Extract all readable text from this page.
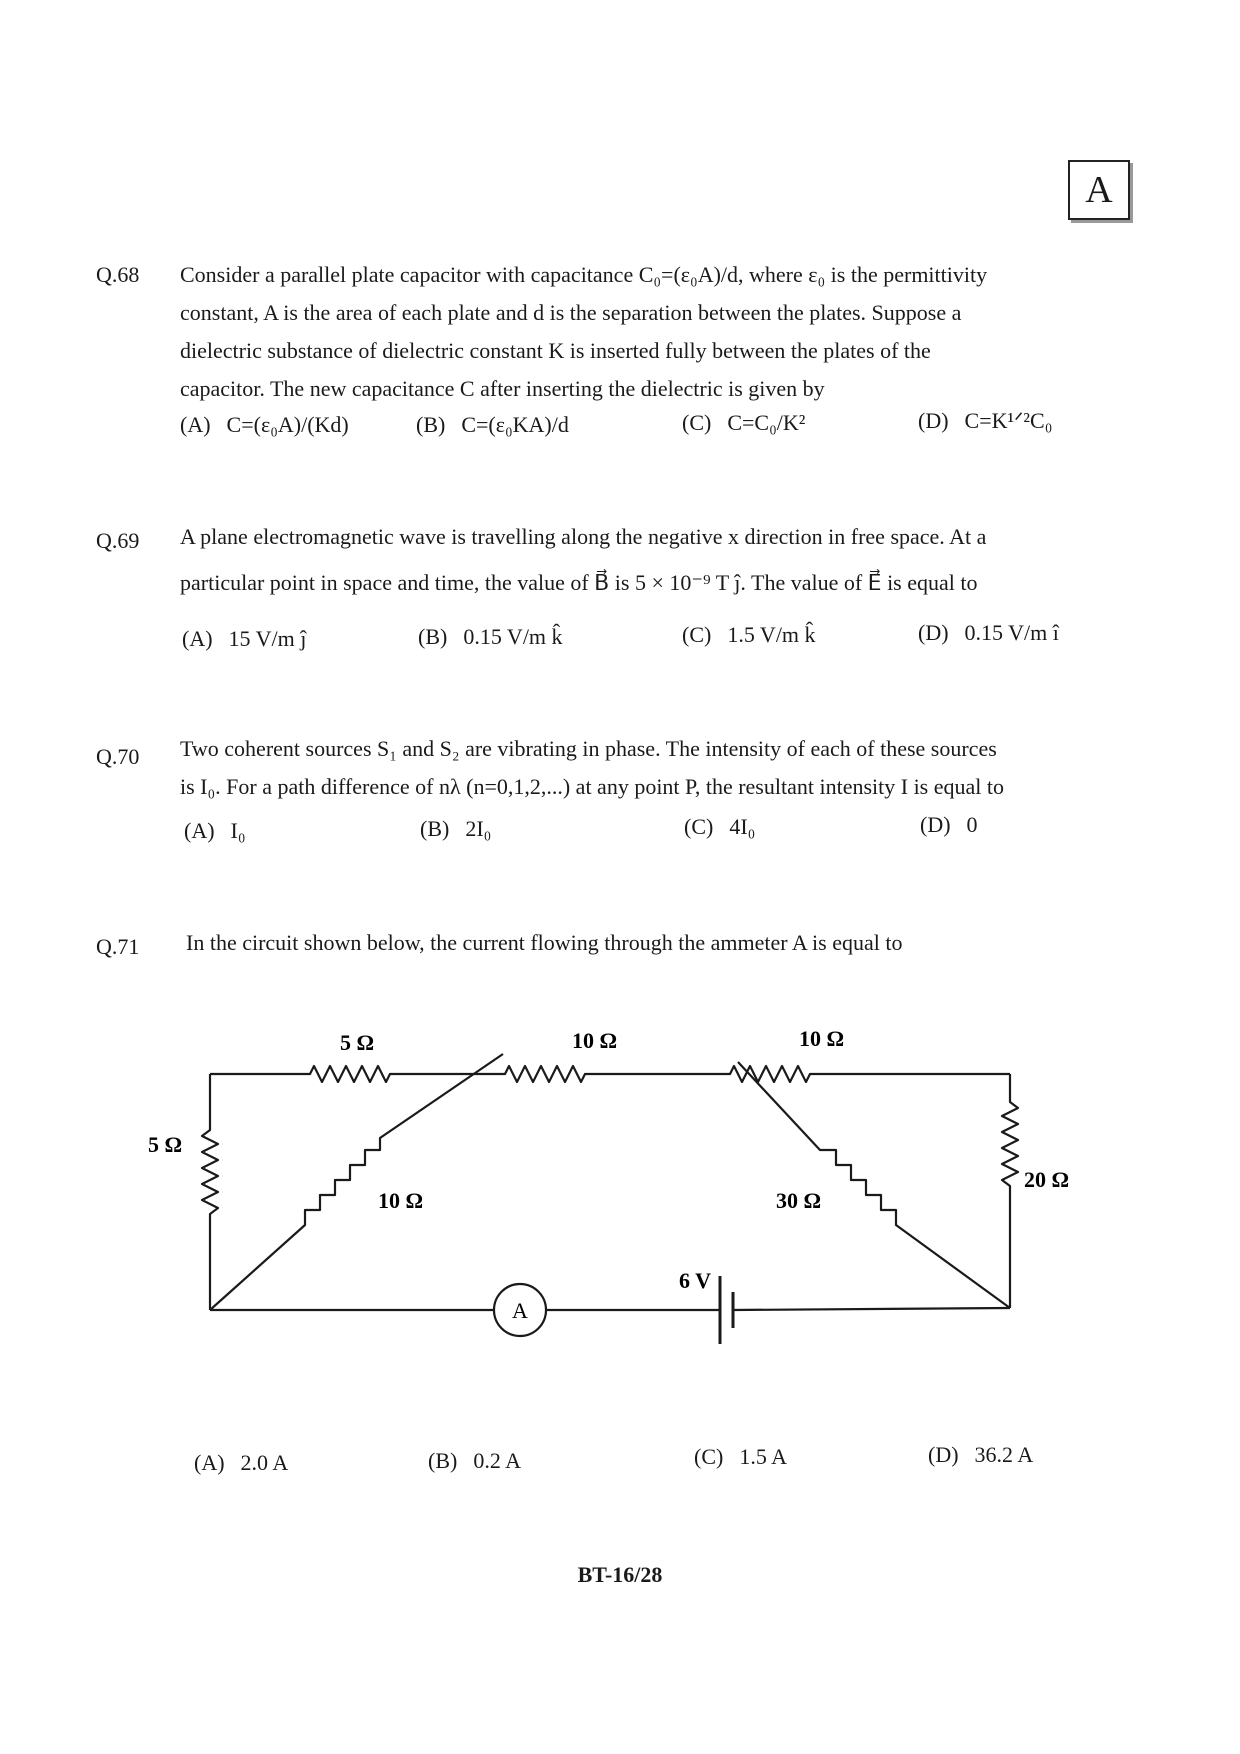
A
Q.68 Consider a parallel plate capacitor with capacitance C₀=(ε₀A)/d, where ε₀ is the permittivity
constant, A is the area of each plate and d is the separation between the plates. Suppose a
dielectric substance of dielectric constant K is inserted fully between the plates of the
capacitor. The new capacitance C after inserting the dielectric is given by
(A) C=(ε₀A)/(Kd)	(B) C=(ε₀KA)/d	(C) C=C₀/K²	(D) C=K¹ᐟ²C₀
Q.69 A plane electromagnetic wave is travelling along the negative x direction in free space. At a
particular point in space and time, the value of B⃗ is 5 × 10⁻⁹ T ĵ. The value of E⃗ is equal to
(A) 15 V/m ĵ	(B) 0.15 V/m k̂	(C) 1.5 V/m k̂	(D) 0.15 V/m î
Q.70 Two coherent sources S₁ and S₂ are vibrating in phase. The intensity of each of these sources
is I₀. For a path difference of nλ (n=0,1,2,...) at any point P, the resultant intensity I is equal to
(A) I₀	(B) 2I₀	(C) 4I₀	(D) 0
Q.71 In the circuit shown below, the current flowing through the ammeter A is equal to
5 Ω	10 Ω	10 Ω
5 Ω
20 Ω
10 Ω	30 Ω
6 V
A
(A) 2.0 A	(B) 0.2 A	(C) 1.5 A	(D) 36.2 A
BT-16/28
